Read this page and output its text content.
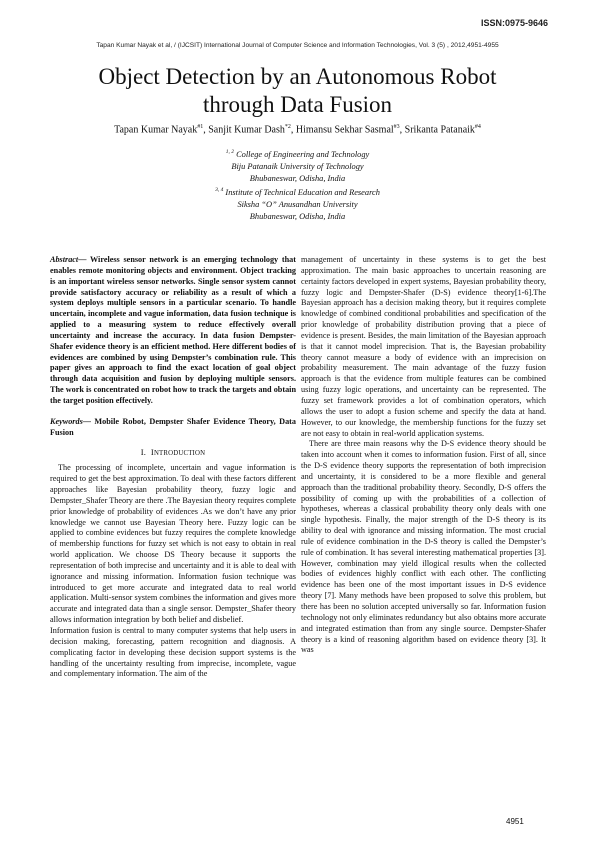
ISSN:0975-9646
Tapan Kumar Nayak et al, / (IJCSIT) International Journal of Computer Science and Information Technologies, Vol. 3 (5) , 2012,4951-4955
Object Detection by an Autonomous Robot
through Data Fusion
Tapan Kumar Nayak$^{\#1}$, Sanjit Kumar Dash$^{*2}$, Himansu Sekhar Sasmal$^{\#3}$, Srikanta Patanaik$^{\#4}$
$^{1, 2}$ College of Engineering and Technology
Biju Patanaik University of Technology
Bhubaneswar, Odisha, India
$^{3, 4}$ Institute of Technical Education and Research
Siksha “O” Anusandhan University
Bhubaneswar, Odisha, India

Abstract— Wireless sensor network is an emerging technology that enables remote monitoring objects and environment. Object tracking is an important wireless sensor networks. Single sensor system cannot provide satisfactory accuracy or reliability as a result of which a system deploys multiple sensors in a particular scenario. To handle uncertain, incomplete and vague information, data fusion technique is applied to a measuring system to reduce effectively overall uncertainty and increase the accuracy. In data fusion Dempster-Shafer evidence theory is an efficient method. Here different bodies of evidences are combined by using Dempster’s combination rule. This paper gives an approach to find the exact location of goal object through data acquisition and fusion by deploying multiple sensors. The work is concentrated on robot how to track the targets and obtain the target position effectively.

Keywords— Mobile Robot, Dempster Shafer Evidence Theory, Data Fusion

I. INTRODUCTION

The processing of incomplete, uncertain and vague information is required to get the best approximation. To deal with these factors different approaches like Bayesian probability theory, fuzzy logic and Dempster_Shafer Theory are there .The Bayesian theory requires complete prior knowledge of probability of evidences .As we don’t have any prior knowledge we cannot use Bayesian Theory here. Fuzzy logic can be applied to combine evidences but fuzzy requires the complete knowledge of membership functions for fuzzy set which is not easy to obtain in real world application. We choose DS Theory because it supports the representation of both imprecise and uncertainty and it is able to deal with ignorance and missing information. Information fusion technique was introduced to get more accurate and integrated data to real world application. Multi-sensor system combines the information and gives more accurate and integrated data than a single sensor. Dempster_Shafer theory allows information integration by both belief and disbelief.

Information fusion is central to many computer systems that help users in decision making, forecasting, pattern recognition and diagnosis. A complicating factor in developing these decision support systems is the handling of the uncertainty resulting from imprecise, incomplete, vague and complementary information. The aim of the

management of uncertainty in these systems is to get the best approximation. The main basic approaches to uncertain reasoning are certainty factors developed in expert systems, Bayesian probability theory, fuzzy logic and Dempster-Shafer (D-S) evidence theory[1-6].The Bayesian approach has a decision making theory, but it requires complete knowledge of combined conditional probabilities and specification of the prior knowledge of probability distribution proving that a piece of evidence is present. Besides, the main limitation of the Bayesian approach is that it cannot model imprecision. That is, the Bayesian probability theory cannot measure a body of evidence with an imprecision on probability measurement. The main advantage of the fuzzy fusion approach is that the evidence from multiple features can be combined using fuzzy logic operations, and uncertainty can be represented. The fuzzy set framework provides a lot of combination operators, which allows the user to adopt a fusion scheme and specify the data at hand. However, to our knowledge, the membership functions for the fuzzy set are not easy to obtain in real-world application systems.

There are three main reasons why the D-S evidence theory should be taken into account when it comes to information fusion. First of all, since the D-S evidence theory supports the representation of both imprecision and uncertainty, it is considered to be a more flexible and general approach than the traditional probability theory. Secondly, D-S offers the possibility of coming up with the probabilities of a collection of hypotheses, whereas a classical probability theory only deals with one single hypothesis. Finally, the major strength of the D-S theory is its ability to deal with ignorance and missing information. The most crucial rule of evidence combination in the D-S theory is called the Dempster’s rule of combination. It has several interesting mathematical properties [3]. However, combination may yield illogical results when the collected bodies of evidences highly conflict with each other. The conflicting evidence has been one of the most important issues in D-S evidence theory [7]. Many methods have been proposed to solve this problem, but there has been no solution accepted universally so far. Information fusion technology not only eliminates redundancy but also obtains more accurate and integrated estimation than from any single source. Dempster-Shafer theory is a kind of reasoning algorithm based on evidence theory [3]. It was

4951
